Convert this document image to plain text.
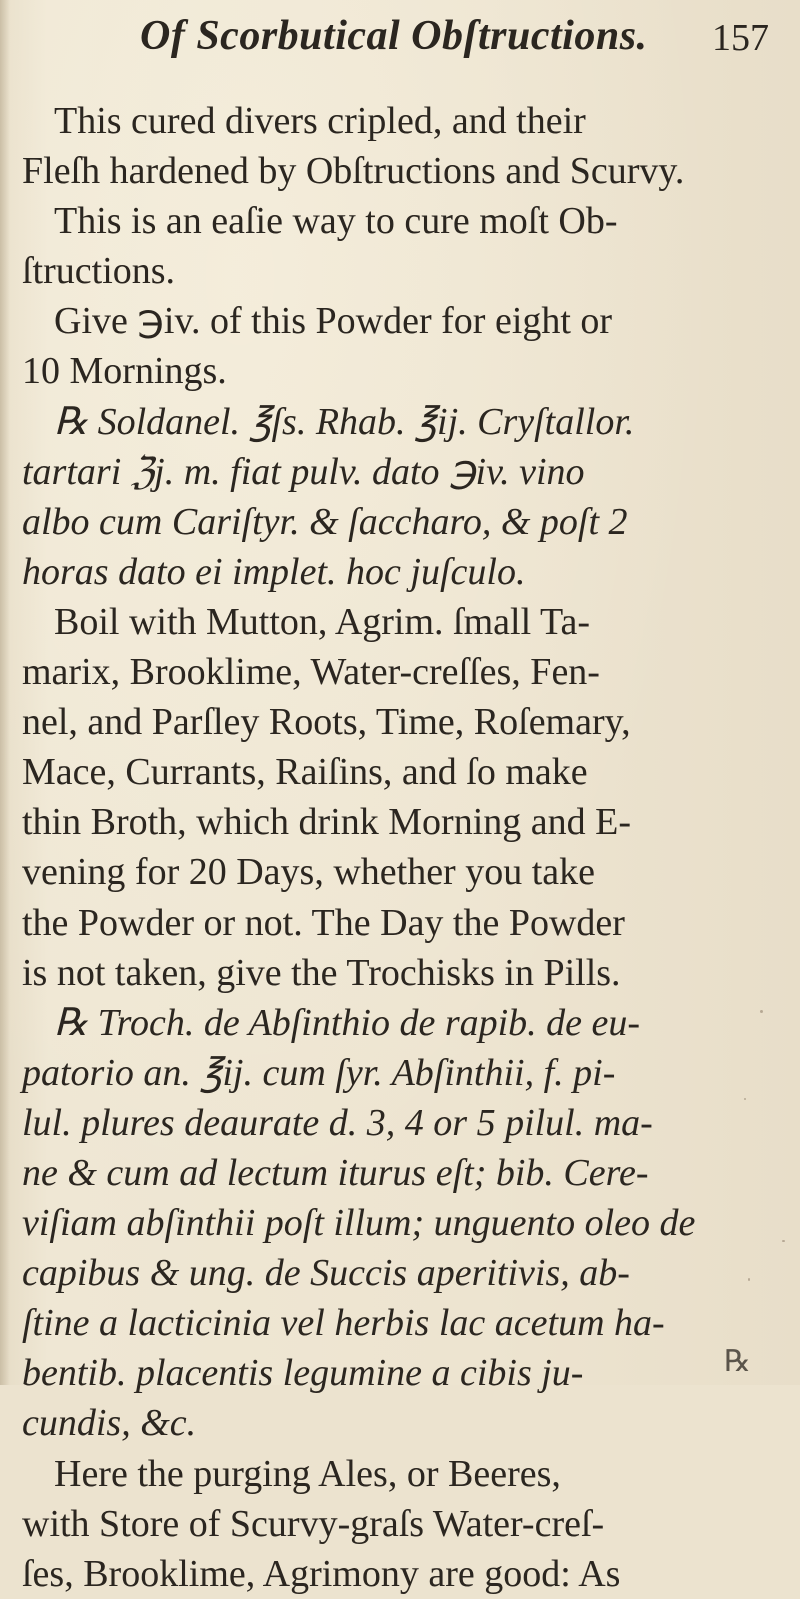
Of Scorbutical Obſtructions. 157
This cured divers cripled, and their
Fleſh hardened by Obſtructions and Scurvy.
This is an eaſie way to cure moſt Ob-
ſtructions.
Give ℈iv. of this Powder for eight or
10 Mornings.
℞ Soldanel. ℥ſs. Rhab. ℥ij. Cryſtallor.
tartari ℨj. m. fiat pulv. dato ℈iv. vino
albo cum Cariſtyr. & ſaccharo, & poſt 2
horas dato ei implet. hoc juſculo.
Boil with Mutton, Agrim. ſmall Ta-
marix, Brooklime, Water-creſſes, Fen-
nel, and Parſley Roots, Time, Roſemary,
Mace, Currants, Raiſins, and ſo make
thin Broth, which drink Morning and E-
vening for 20 Days, whether you take
the Powder or not. The Day the Powder
is not taken, give the Trochisks in Pills.
℞ Troch. de Abſinthio de rapib. de eu-
patorio an. ℥ij. cum ſyr. Abſinthii, f. pi-
lul. plures deaurate d. 3, 4 or 5 pilul. ma-
ne & cum ad lectum iturus eſt; bib. Cere-
viſiam abſinthii poſt illum; unguento oleo de
capibus & ung. de Succis aperitivis, ab-
ſtine a lacticinia vel herbis lac acetum ha-
bentib. placentis legumine a cibis ju-
cundis, &c.
Here the purging Ales, or Beeres,
with Store of Scurvy-graſs Water-creſ-
ſes, Brooklime, Agrimony are good: As
℞
